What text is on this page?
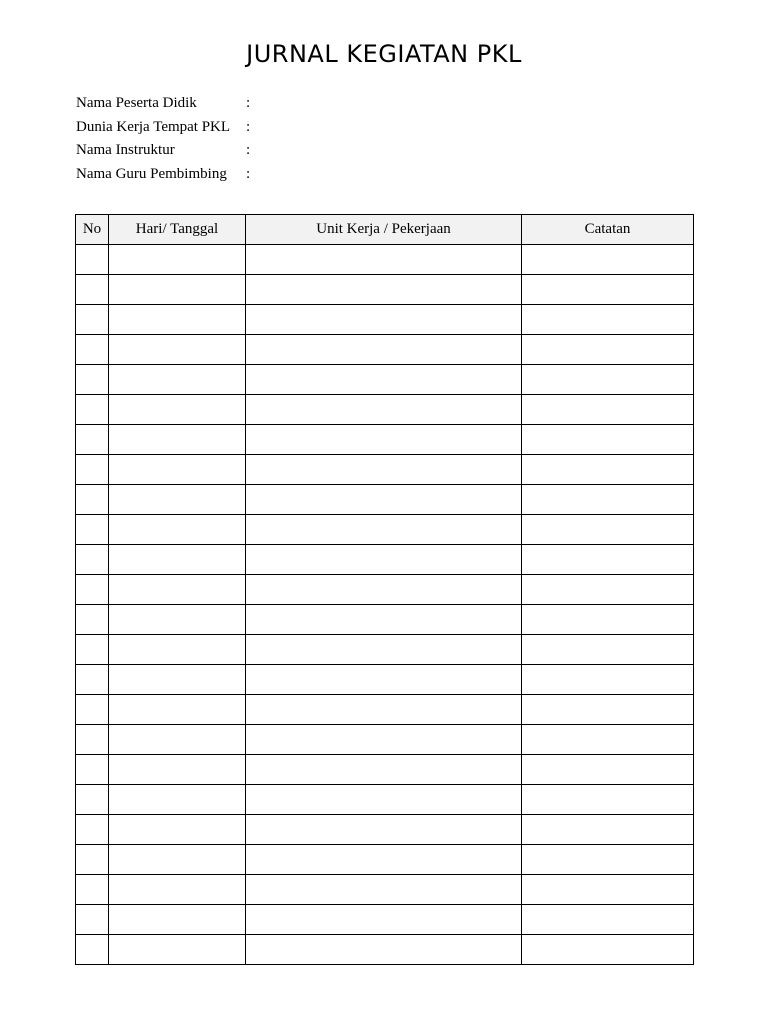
JURNAL KEGIATAN PKL
Nama Peserta Didik	:
Dunia Kerja Tempat PKL	:
Nama Instruktur	:
Nama Guru Pembimbing	:
No	Hari/ Tanggal	Unit Kerja / Pekerjaan	Catatan
